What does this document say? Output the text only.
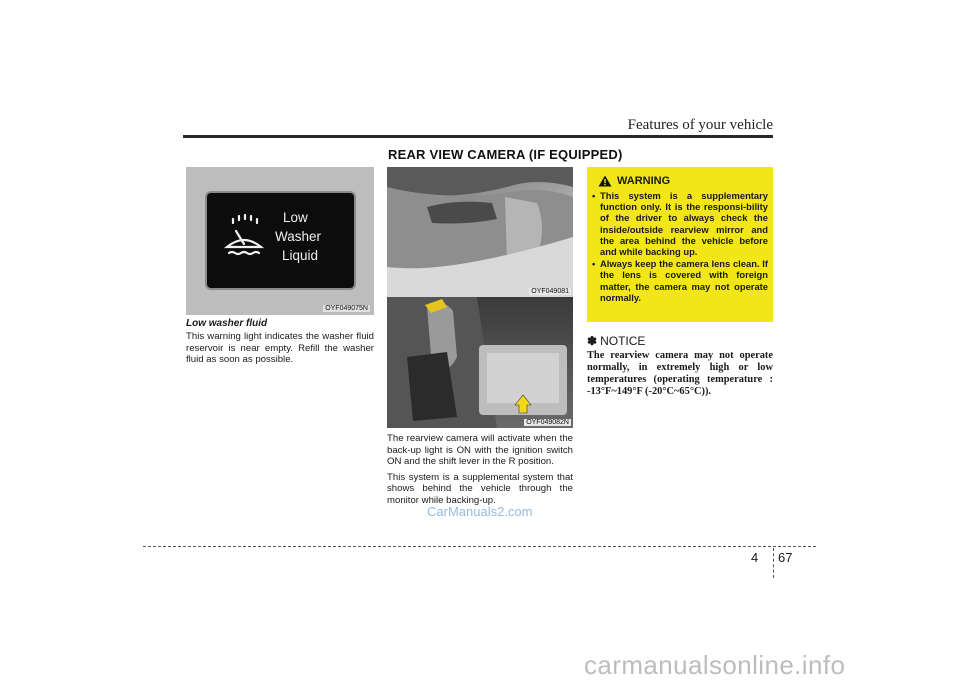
Features of your vehicle
REAR VIEW CAMERA (IF EQUIPPED)
Low
Washer
Liquid
OYF049075N
Low washer fluid
This warning light indicates the washer fluid reservoir is near empty. Refill the washer fluid as soon as possible.
OYF049081
OYF049082N

The rearview camera will activate when the back-up light is ON with the ignition switch ON and the shift lever in the R position.

This system is a supplemental system that shows behind the vehicle through the monitor while backing-up.

WARNING
• This system is a supplementary function only. It is the responsi-bility of the driver to always check the inside/outside rearview mirror and the area behind the vehicle before and while backing up.
• Always keep the camera lens clean. If the lens is covered with foreign matter, the camera may not operate normally.
✽ NOTICE
The rearview camera may not operate normally, in extremely high or low temperatures (operating temperature : -13°F~149°F (-20°C~65°C)).
4 67
CarManuals2.com
carmanualsonline.info
